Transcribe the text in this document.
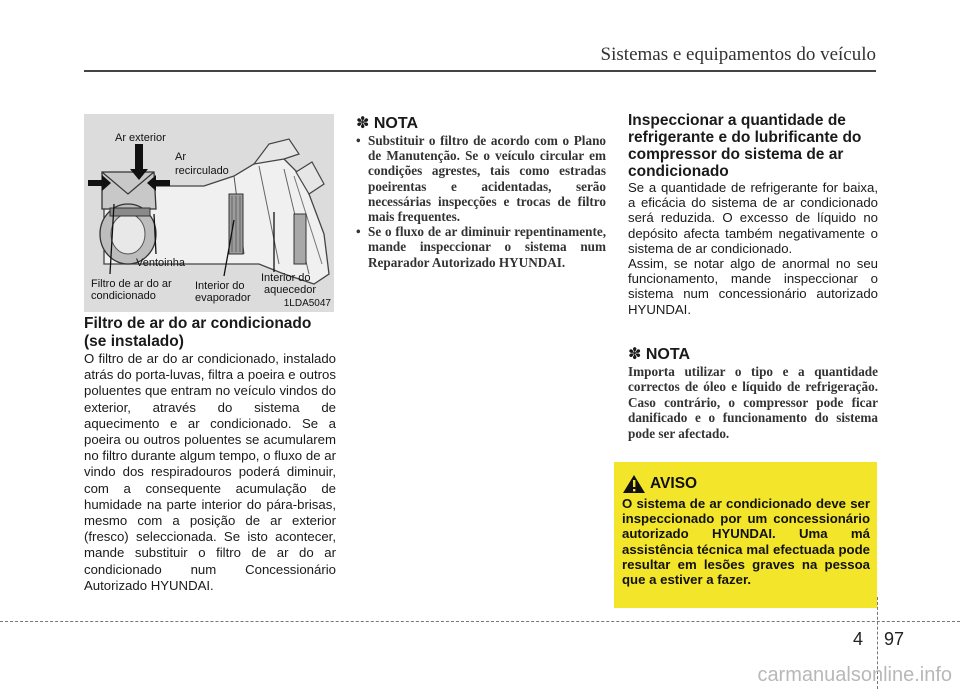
Sistemas e equipamentos do veículo
Ar exterior
Ar
recirculado
Ventoinha
Filtro de ar do ar
condicionado
Interior do
evaporador
Interior do
aquecedor
1LDA5047
Filtro de ar do ar condicionado
(se instalado)

O filtro de ar do ar condicionado, instalado atrás do porta-luvas, filtra a poeira e outros poluentes que entram no veículo vindos do exterior, através do sistema de aquecimento e ar condicionado. Se a poeira ou outros poluentes se acumularem no filtro durante algum tempo, o fluxo de ar vindo dos respiradouros poderá diminuir, com a consequente acumulação de humidade na parte interior do pára-brisas, mesmo com a posição de ar exterior (fresco) seleccionada. Se isto acontecer, mande substituir o filtro de ar do ar condicionado num Concessionário Autorizado HYUNDAI.

✽ NOTA
• Substituir o filtro de acordo com o Plano de Manutenção. Se o veículo circular em condições agrestes, tais como estradas poeirentas e acidentadas, serão necessárias inspecções e trocas de filtro mais frequentes.
• Se o fluxo de ar diminuir repentinamente, mande inspeccionar o sistema num Reparador Autorizado HYUNDAI.
Inspeccionar a quantidade de refrigerante e do lubrificante do compressor do sistema de ar condicionado

Se a quantidade de refrigerante for baixa, a eficácia do sistema de ar condicionado será reduzida. O excesso de líquido no depósito afecta também negativamente o sistema de ar condicionado.

Assim, se notar algo de anormal no seu funcionamento, mande inspeccionar o sistema num concessionário autorizado HYUNDAI.

✽ NOTA

Importa utilizar o tipo e a quantidade correctos de óleo e líquido de refrigeração. Caso contrário, o compressor pode ficar danificado e o funcionamento do sistema pode ser afectado.

AVISO

O sistema de ar condicionado deve ser inspeccionado por um concessionário autorizado HYUNDAI. Uma má assistência técnica mal efectuada pode resultar em lesões graves na pessoa que a estiver a fazer.

4 97
carmanualsonline.info
